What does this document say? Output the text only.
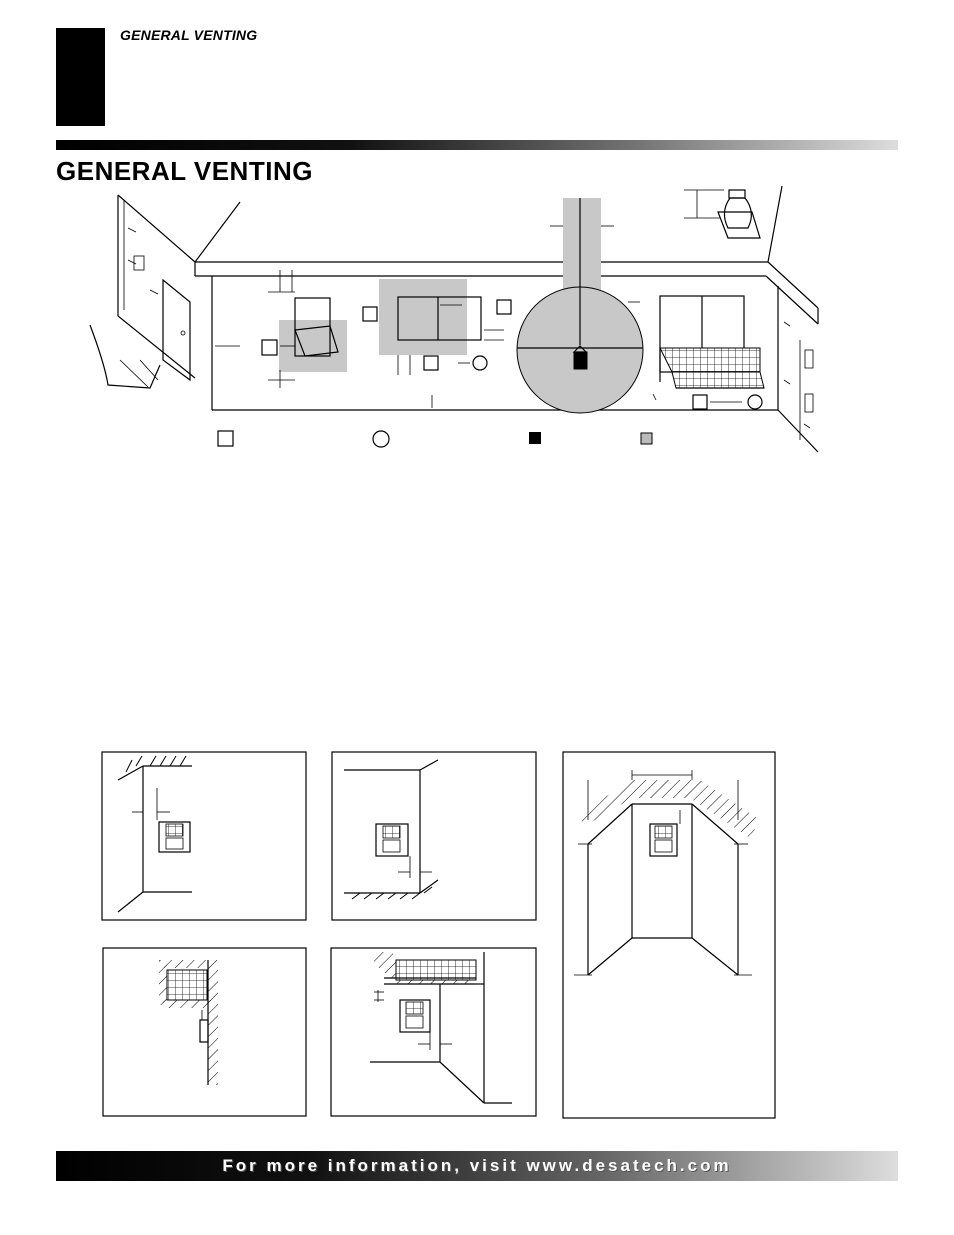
GENERAL VENTING
GENERAL VENTING
For more information, visit www.desatech.com
